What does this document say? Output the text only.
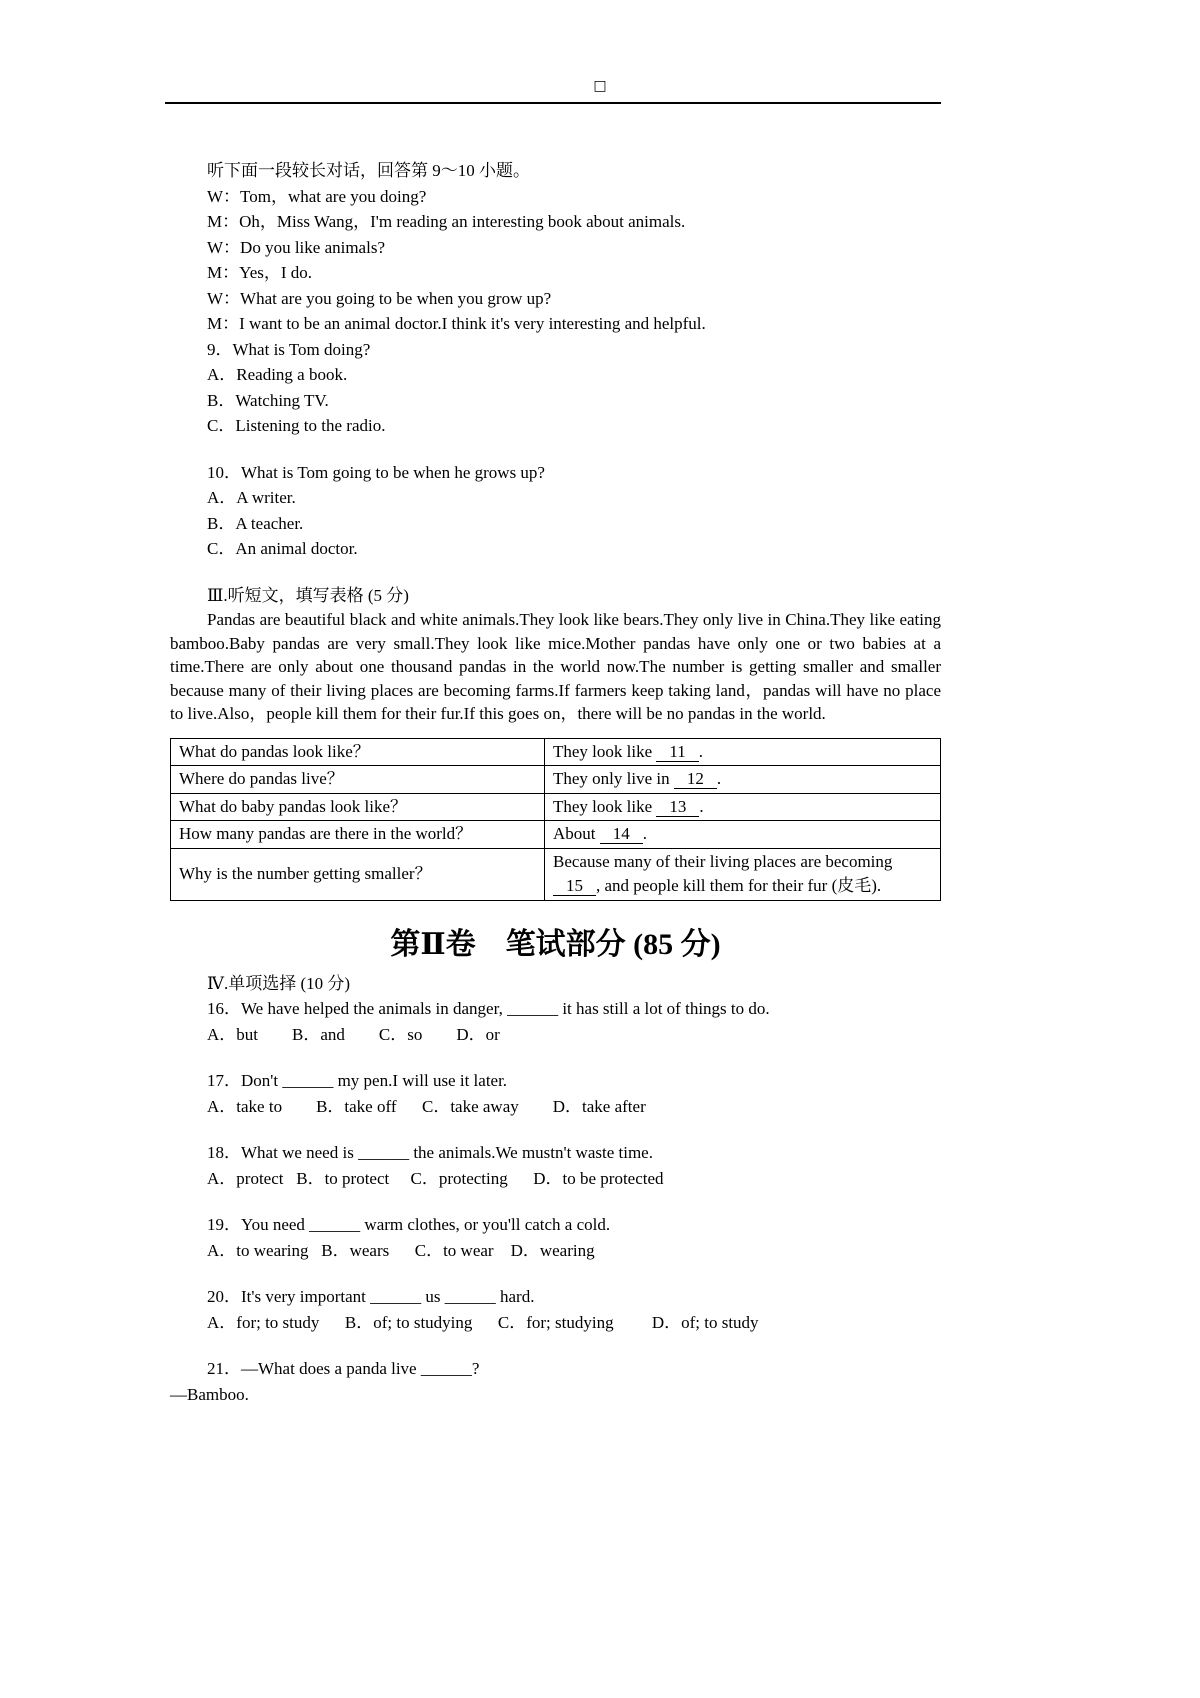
□
听下面一段较长对话，回答第 9～10 小题。
W：Tom，what are you doing?
M：Oh，Miss Wang，I'm reading an interesting book about animals.
W：Do you like animals?
M：Yes，I do.
W：What are you going to be when you grow up?
M：I want to be an animal doctor.I think it's very interesting and helpful.
9．What is Tom doing?
A．Reading a book.
B．Watching TV.
C．Listening to the radio.
10．What is Tom going to be when he grows up?
A．A writer.
B．A teacher.
C．An animal doctor.
Ⅲ.听短文，填写表格 (5 分)

Pandas are beautiful black and white animals.They look like bears.They only live in China.They like eating bamboo.Baby pandas are very small.They look like mice.Mother pandas have only one or two babies at a time.There are only about one thousand pandas in the world now.The number is getting smaller and smaller because many of their living places are becoming farms.If farmers keep taking land，pandas will have no place to live.Also，people kill them for their fur.If this goes on，there will be no pandas in the world.

What do pandas look like？	They look like 11 .
Where do pandas live？	They only live in 12 .
What do baby pandas look like？	They look like 13 .
How many pandas are there in the world？	About 14 .
Why is the number getting smaller？	Because many of their living places are becoming 15 , and people kill them for their fur (皮毛).
第Ⅱ卷　笔试部分 (85 分)
Ⅳ.单项选择 (10 分)
16．We have helped the animals in danger, ______ it has still a lot of things to do.
A．but        B．and        C．so        D．or
17．Don't ______ my pen.I will use it later.
A．take to        B．take off      C．take away        D．take after
18．What we need is ______ the animals.We mustn't waste time.
A．protect   B．to protect     C．protecting      D．to be protected
19．You need ______ warm clothes, or you'll catch a cold.
A．to wearing   B．wears      C．to wear    D．wearing
20．It's very important ______ us ______ hard.
A．for; to study      B．of; to studying      C．for; studying         D．of; to study
21．—What does a panda live ______?
—Bamboo.
